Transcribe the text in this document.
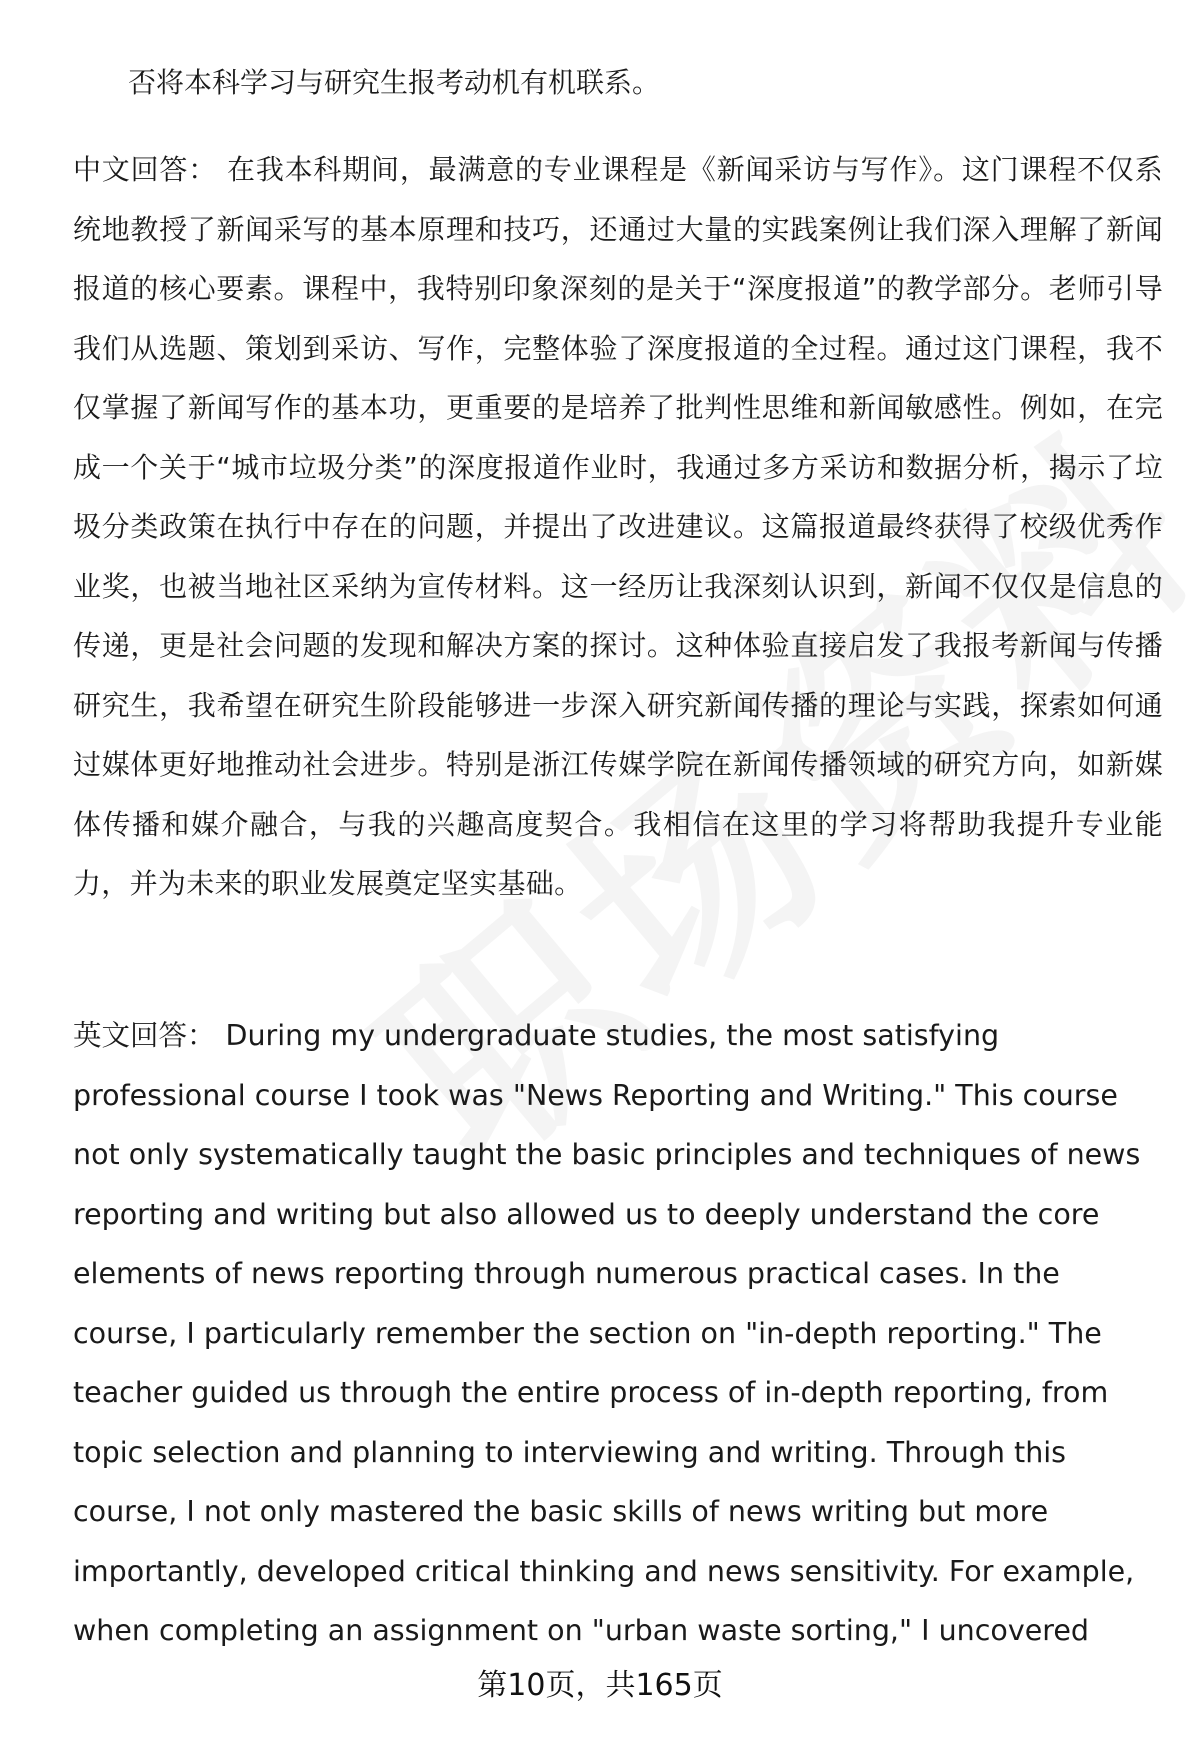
否将本科学习与研究生报考动机有机联系。
中文回答： 在我本科期间，最满意的专业课程是《新闻采访与写作》。这门课程不仅系统地教授了新闻采写的基本原理和技巧，还通过大量的实践案例让我们深入理解了新闻报道的核心要素。课程中，我特别印象深刻的是关于“深度报道”的教学部分。老师引导我们从选题、策划到采访、写作，完整体验了深度报道的全过程。通过这门课程，我不仅掌握了新闻写作的基本功，更重要的是培养了批判性思维和新闻敏感性。例如，在完成一个关于“城市垃圾分类”的深度报道作业时，我通过多方采访和数据分析，揭示了垃圾分类政策在执行中存在的问题，并提出了改进建议。这篇报道最终获得了校级优秀作业奖，也被当地社区采纳为宣传材料。这一经历让我深刻认识到，新闻不仅仅是信息的传递，更是社会问题的发现和解决方案的探讨。这种体验直接启发了我报考新闻与传播研究生，我希望在研究生阶段能够进一步深入研究新闻传播的理论与实践，探索如何通过媒体更好地推动社会进步。特别是浙江传媒学院在新闻传播领域的研究方向，如新媒体传播和媒介融合，与我的兴趣高度契合。我相信在这里的学习将帮助我提升专业能力，并为未来的职业发展奠定坚实基础。
英文回答： During my undergraduate studies, the most satisfying professional course I took was "News Reporting and Writing." This course not only systematically taught the basic principles and techniques of news reporting and writing but also allowed us to deeply understand the core elements of news reporting through numerous practical cases. In the course, I particularly remember the section on "in-depth reporting." The teacher guided us through the entire process of in-depth reporting, from topic selection and planning to interviewing and writing. Through this course, I not only mastered the basic skills of news writing but more importantly, developed critical thinking and news sensitivity. For example, when completing an assignment on "urban waste sorting," I uncovered
第10页，共165页
